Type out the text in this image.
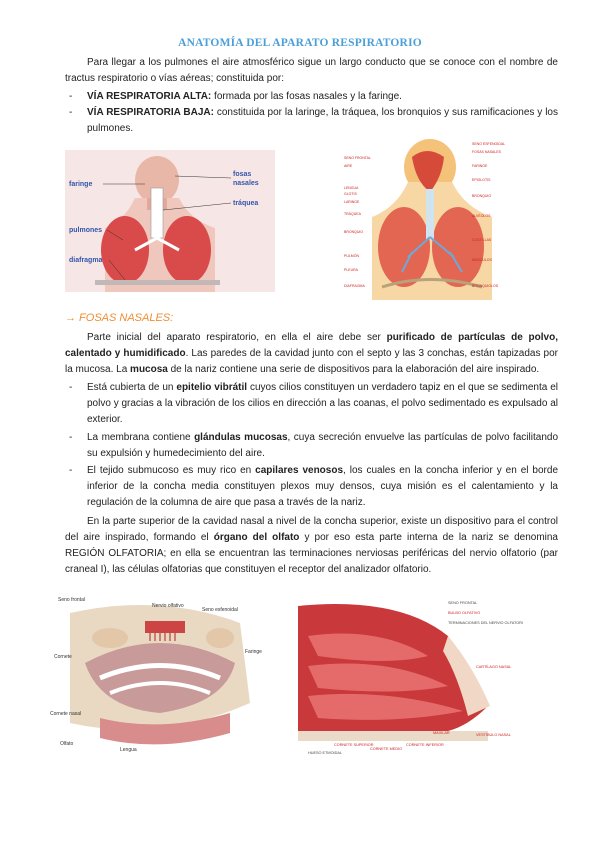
ANATOMÍA DEL APARATO RESPIRATORIO
Para llegar a los pulmones el aire atmosférico sigue un largo conducto que se conoce con el nombre de tractus respiratorio o vías aéreas; constituida por:
- VÍA RESPIRATORIA ALTA: formada por las fosas nasales y la faringe.
- VÍA RESPIRATORIA BAJA: constituida por la laringe, la tráquea, los bronquios y sus ramificaciones y los pulmones.
faringe
fosas
nasales
tráquea
pulmones
diafragma
SENO FRONTAL
AIRE
LENGUA
GLOTIS
LARINGE
TRÁQUEA
BRONQUIO
PULMÓN
PLEURA
DIAFRAGMA
SENO ESFENOIDAL
FOSAS NASALES
FARINGE
EPIGLOTIS
BRONQUIO
ALVÉOLOS
COSTILLAS
MÚSCULOS
BRONQUIOLOS
→ FOSAS NASALES:
Parte inicial del aparato respiratorio, en ella el aire debe ser purificado de partículas de polvo, calentado y humidificado. Las paredes de la cavidad junto con el septo y las 3 conchas, están tapizadas por la mucosa. La mucosa de la nariz contiene una serie de dispositivos para la elaboración del aire inspirado.
- Está cubierta de un epitelio vibrátil cuyos cilios constituyen un verdadero tapiz en el que se sedimenta el polvo y gracias a la vibración de los cilios en dirección a las coanas, el polvo sedimentado es expulsado al exterior.
- La membrana contiene glándulas mucosas, cuya secreción envuelve las partículas de polvo facilitando su expulsión y humedecimiento del aire.
- El tejido submucoso es muy rico en capilares venosos, los cuales en la concha inferior y en el borde inferior de la concha media constituyen plexos muy densos, cuya misión es el calentamiento y la regulación de la columna de aire que pasa a través de la nariz.
En la parte superior de la cavidad nasal a nivel de la concha superior, existe un dispositivo para el control del aire inspirado, formando el órgano del olfato y por eso esta parte interna de la nariz se denomina REGIÓN OLFATORIA; en ella se encuentran las terminaciones nerviosas periféricas del nervio olfatorio (par craneal I), las células olfatorias que constituyen el receptor del analizador olfatorio.
Nervio olfativo
Seno frontal
Seno esfenoidal
Cornete
Faringe
Cornete nasal
Lengua
Olfato
SENO FRONTAL
BULBO OLFATIVO
TERMINACIONES DEL NERVIO OLFATORIO
CARTÍLAGO NASAL
MAXILAR	VESTÍBULO NASAL
CORNETE SUPERIOR
CORNETE MEDIO
CORNETE INFERIOR
HUESO ETMOIDAL
